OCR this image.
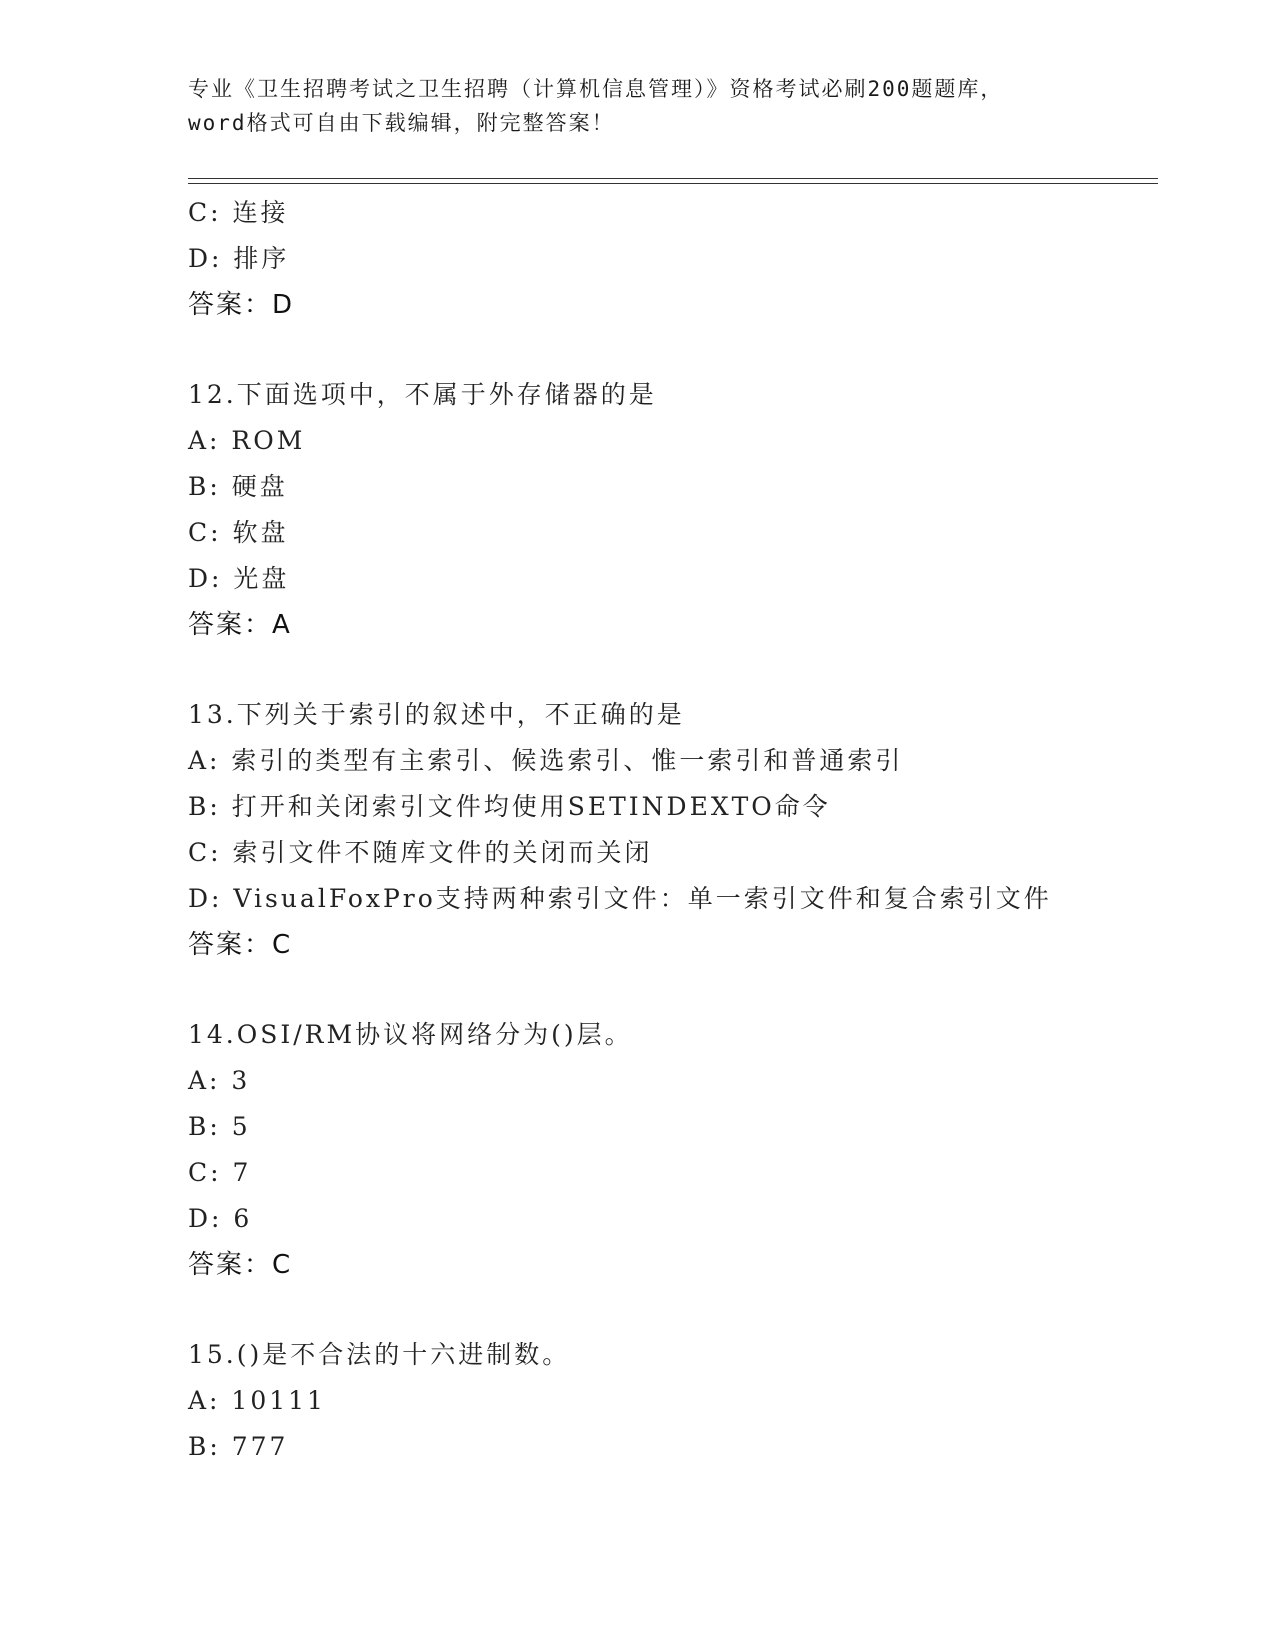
专业《卫生招聘考试之卫生招聘（计算机信息管理）》资格考试必刷200题题库，
word格式可自由下载编辑，附完整答案！
C: 连接
D: 排序
答案：D
12.下面选项中，不属于外存储器的是
A: ROM
B: 硬盘
C: 软盘
D: 光盘
答案：A
13.下列关于索引的叙述中，不正确的是
A: 索引的类型有主索引、候选索引、惟一索引和普通索引
B: 打开和关闭索引文件均使用SETINDEXTO命令
C: 索引文件不随库文件的关闭而关闭
D: VisualFoxPro支持两种索引文件：单一索引文件和复合索引文件
答案：C
14.OSI/RM协议将网络分为()层。
A: 3
B: 5
C: 7
D: 6
答案：C
15.()是不合法的十六进制数。
A: 10111
B: 777
